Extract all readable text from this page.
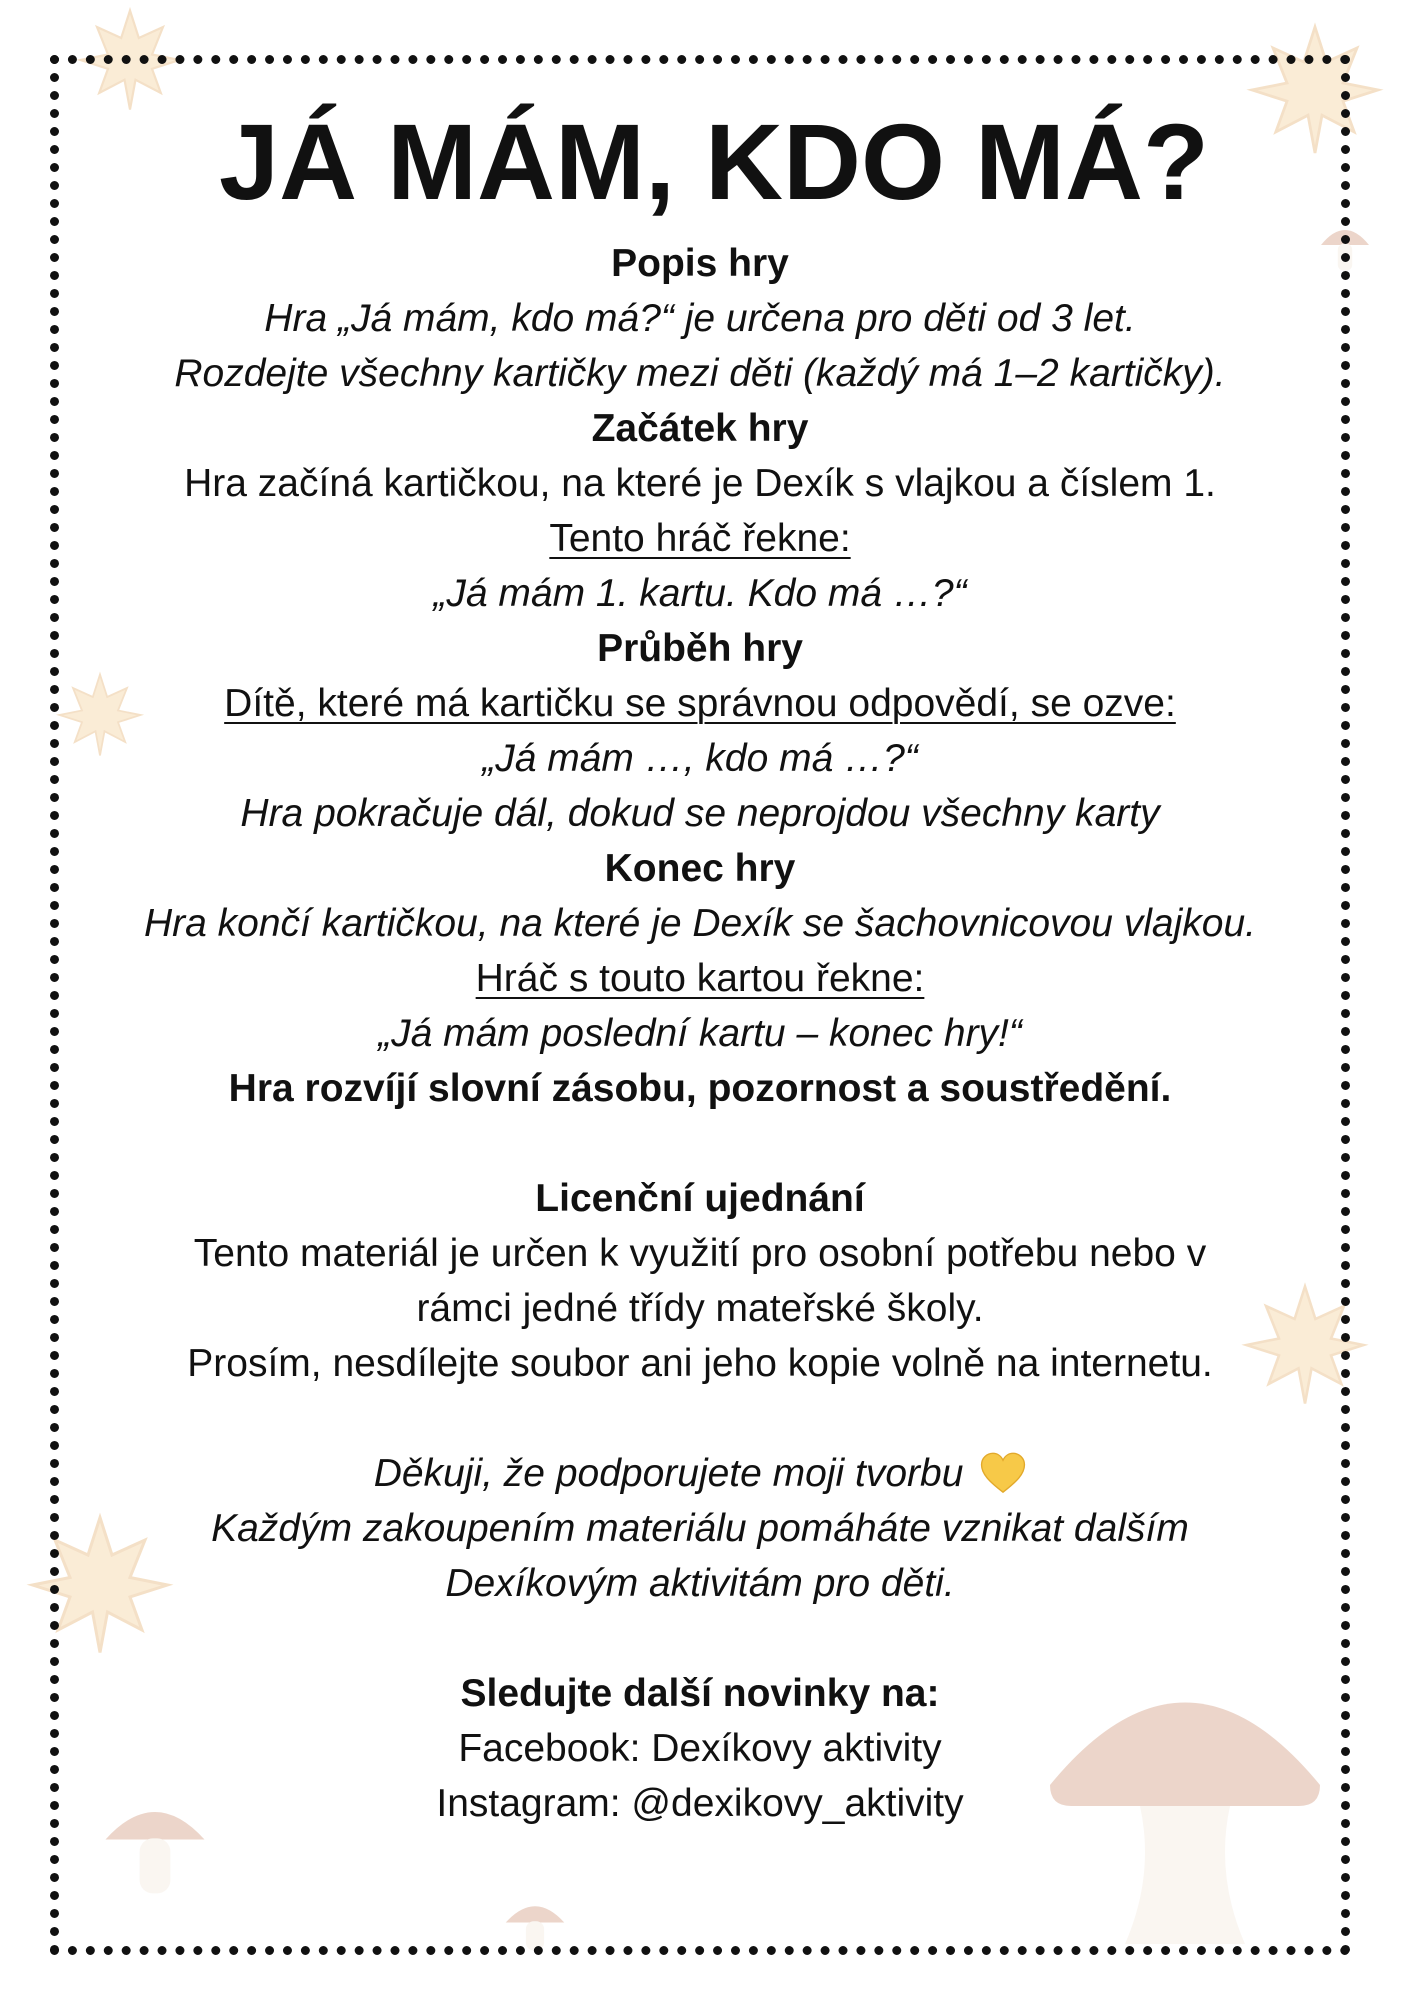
JÁ MÁM, KDO MÁ?

Popis hry

Hra „Já mám, kdo má?“ je určena pro děti od 3 let.

Rozdejte všechny kartičky mezi děti (každý má 1–2 kartičky).

Začátek hry

Hra začíná kartičkou, na které je Dexík s vlajkou a číslem 1.

Tento hráč řekne:

„Já mám 1. kartu. Kdo má …?“

Průběh hry

Dítě, které má kartičku se správnou odpovědí, se ozve:

„Já mám …, kdo má …?“

Hra pokračuje dál, dokud se neprojdou všechny karty

Konec hry

Hra končí kartičkou, na které je Dexík se šachovnicovou vlajkou.

Hráč s touto kartou řekne:

„Já mám poslední kartu – konec hry!“

Hra rozvíjí slovní zásobu, pozornost a soustředění.

Licenční ujednání

Tento materiál je určen k využití pro osobní potřebu nebo v

rámci jedné třídy mateřské školy.

Prosím, nesdílejte soubor ani jeho kopie volně na internetu.

Děkuji, že podporujete moji tvorbu

Každým zakoupením materiálu pomáháte vznikat dalším

Dexíkovým aktivitám pro děti.

Sledujte další novinky na:

Facebook: Dexíkovy aktivity

Instagram: @dexikovy_aktivity
